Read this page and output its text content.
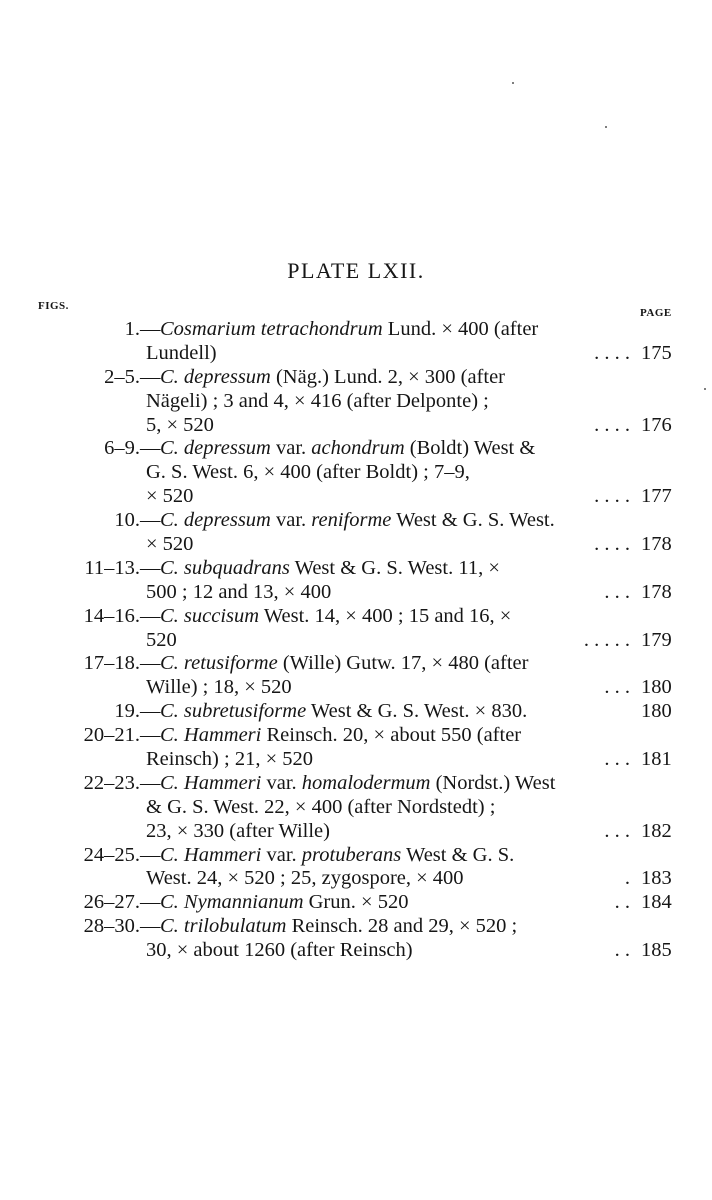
PLATE LXII.
FIGS.
PAGE
1. — Cosmarium tetrachondrum Lund. × 400 (after
Lundell)	. . . . 175
2–5. — C. depressum (Näg.) Lund. 2, × 300 (after
Nägeli) ; 3 and 4, × 416 (after Delponte) ;
5, × 520	. . . . 176
6–9. — C. depressum var. achondrum (Boldt) West &
G. S. West. 6, × 400 (after Boldt) ; 7–9,
× 520	. . . . 177
10. — C. depressum var. reniforme West & G. S. West.
× 520	. . . . 178
11–13. — C. subquadrans West & G. S. West. 11, ×
500 ; 12 and 13, × 400	. . . 178
14–16. — C. succisum West. 14, × 400 ; 15 and 16, ×
520	. . . . . 179
17–18. — C. retusiforme (Wille) Gutw. 17, × 480 (after
Wille) ; 18, × 520	. . . 180
19. — C. subretusiforme West & G. S. West. × 830.	180
20–21. — C. Hammeri Reinsch. 20, × about 550 (after
Reinsch) ; 21, × 520	. . . 181
22–23. — C. Hammeri var. homalodermum (Nordst.) West
& G. S. West. 22, × 400 (after Nordstedt) ;
23, × 330 (after Wille)	. . . 182
24–25. — C. Hammeri var. protuberans West & G. S.
West. 24, × 520 ; 25, zygospore, × 400	. 183
26–27. — C. Nymannianum Grun. × 520	. . 184
28–30. — C. trilobulatum Reinsch. 28 and 29, × 520 ;
30, × about 1260 (after Reinsch)	. . 185
